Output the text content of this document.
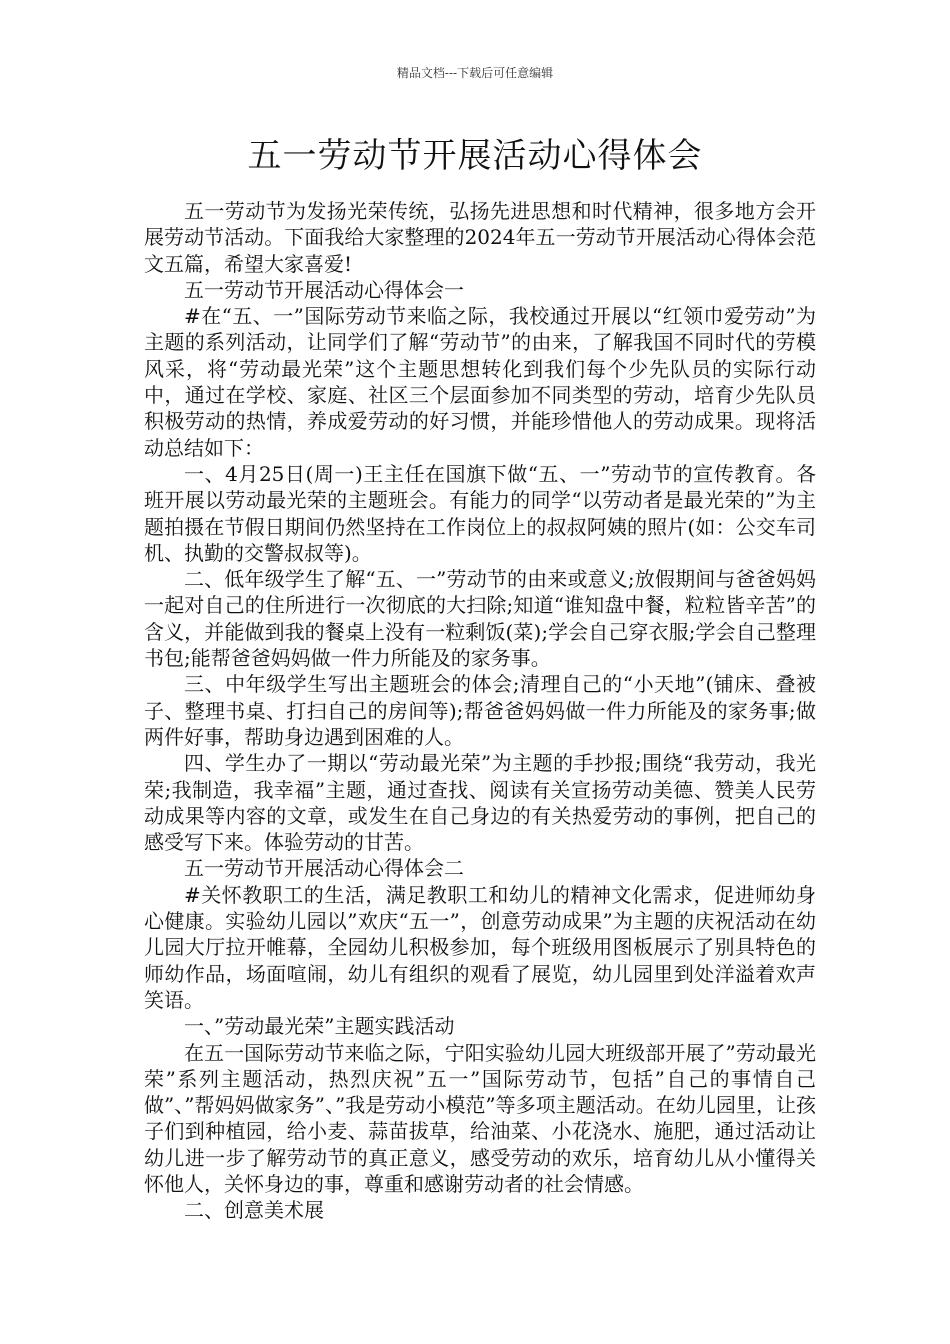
精品文档---下载后可任意编辑
五一劳动节开展活动心得体会

五一劳动节为发扬光荣传统，弘扬先进思想和时代精神，很多地方会开展劳动节活动。下面我给大家整理的2024年五一劳动节开展活动心得体会范文五篇，希望大家喜爱!

五一劳动节开展活动心得体会一

#在“五、一”国际劳动节来临之际，我校通过开展以“红领巾爱劳动”为主题的系列活动，让同学们了解“劳动节”的由来，了解我国不同时代的劳模风采，将“劳动最光荣”这个主题思想转化到我们每个少先队员的实际行动中，通过在学校、家庭、社区三个层面参加不同类型的劳动，培育少先队员积极劳动的热情，养成爱劳动的好习惯，并能珍惜他人的劳动成果。现将活动总结如下：

一、4月25日(周一)王主任在国旗下做“五、一”劳动节的宣传教育。各班开展以劳动最光荣的主题班会。有能力的同学“以劳动者是最光荣的”为主题拍摄在节假日期间仍然坚持在工作岗位上的叔叔阿姨的照片(如：公交车司机、执勤的交警叔叔等)。

二、低年级学生了解“五、一”劳动节的由来或意义;放假期间与爸爸妈妈一起对自己的住所进行一次彻底的大扫除;知道“谁知盘中餐，粒粒皆辛苦”的含义，并能做到我的餐桌上没有一粒剩饭(菜);学会自己穿衣服;学会自己整理书包;能帮爸爸妈妈做一件力所能及的家务事。

三、中年级学生写出主题班会的体会;清理自己的“小天地”(铺床、叠被子、整理书桌、打扫自己的房间等);帮爸爸妈妈做一件力所能及的家务事;做两件好事，帮助身边遇到困难的人。

四、学生办了一期以“劳动最光荣”为主题的手抄报;围绕“我劳动，我光荣;我制造，我幸福”主题，通过查找、阅读有关宣扬劳动美德、赞美人民劳动成果等内容的文章，或发生在自己身边的有关热爱劳动的事例，把自己的感受写下来。体验劳动的甘苦。

五一劳动节开展活动心得体会二

#关怀教职工的生活，满足教职工和幼儿的精神文化需求，促进师幼身心健康。实验幼儿园以”欢庆“五一”，创意劳动成果”为主题的庆祝活动在幼儿园大厅拉开帷幕，全园幼儿积极参加，每个班级用图板展示了别具特色的师幼作品，场面喧闹，幼儿有组织的观看了展览，幼儿园里到处洋溢着欢声笑语。

一、”劳动最光荣”主题实践活动

在五一国际劳动节来临之际，宁阳实验幼儿园大班级部开展了”劳动最光荣”系列主题活动，热烈庆祝”五一”国际劳动节，包括”自己的事情自己做”、”帮妈妈做家务”、”我是劳动小模范”等多项主题活动。在幼儿园里，让孩子们到种植园，给小麦、蒜苗拔草，给油菜、小花浇水、施肥，通过活动让幼儿进一步了解劳动节的真正意义，感受劳动的欢乐，培育幼儿从小懂得关怀他人，关怀身边的事，尊重和感谢劳动者的社会情感。

二、创意美术展
